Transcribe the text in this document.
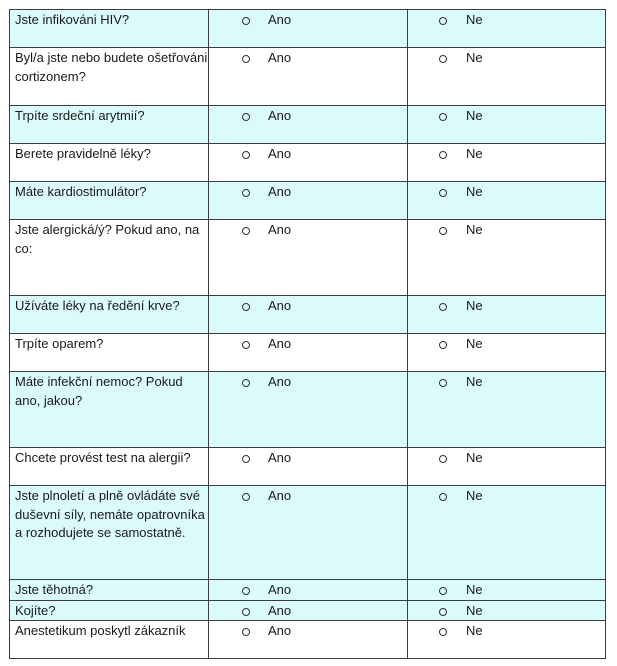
Jste infikováni HIV?	Ano	Ne

Byl/a jste nebo budete ošetřováni cortizonem?	Ano	Ne

Trpíte srdeční arytmií?	Ano	Ne

Berete pravidelně léky?	Ano	Ne

Máte kardiostimulátor?	Ano	Ne

Jste alergická/ý? Pokud ano, na co:	Ano	Ne

Užíváte léky na ředění krve?	Ano	Ne

Trpíte oparem?	Ano	Ne

Máte infekční nemoc? Pokud ano, jakou?	Ano	Ne

Chcete provést test na alergii?	Ano	Ne

Jste plnoletí a plně ovládáte své duševní síly, nemáte opatrovníka a rozhodujete se samostatně.	Ano	Ne

Jste těhotná?	Ano	Ne

Kojíte?	Ano	Ne

Anestetikum poskytl zákazník	Ano	Ne
